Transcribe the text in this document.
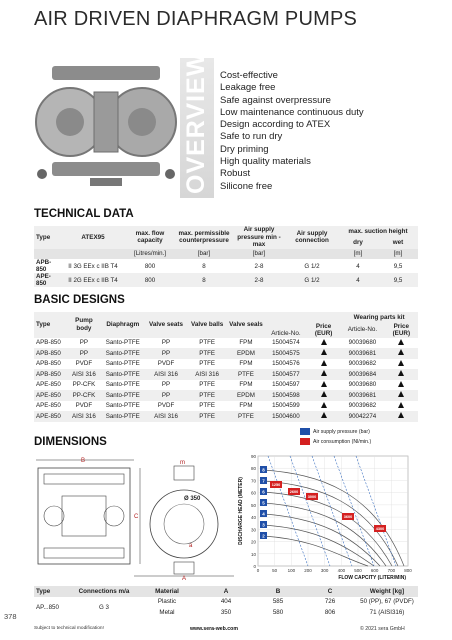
AIR DRIVEN DIAPHRAGM PUMPS
OVERVIEW Cost-effective
Leakage free
Safe against overpressure
Low maintenance continuous duty
Design according to ATEX
Safe to run dry
Dry priming
High quality materials
Robust
Silicone free
TECHNICAL DATA
Type	ATEX95	max. flow capacity	max. permissible counterpressure	Air supply pressure min - max	Air supply connection	max. suction height	
						dry	wet
		[Litres/min.]	[bar]	[bar]		[m]	[m]
APB-850	II 3G EEx c IIB T4	800	8	2-8	G 1/2	4	9,5
APE-850	II 2G EEx c IIB T4	800	8	2-8	G 1/2	4	9,5
BASIC DESIGNS
Type	Pump body	Diaphragm	Valve seats	Valve balls	Valve seals	Article-No.	Price (EUR)	Wearing parts kit	
								Article-No.	Price (EUR)
APB-850	PP	Santo-PTFE	PP	PTFE	FPM	15004574		90039680	
APB-850	PP	Santo-PTFE	PP	PTFE	EPDM	15004575		90039681	
APB-850	PVDF	Santo-PTFE	PVDF	PTFE	FPM	15004576		90039682	
APB-850	AISI 316	Santo-PTFE	AISI 316	AISI 316	PTFE	15004577		90039684	
APE-850	PP-CFK	Santo-PTFE	PP	PTFE	FPM	15004597		90039680	
APE-850	PP-CFK	Santo-PTFE	PP	PTFE	EPDM	15004598		90039681	
APE-850	PVDF	Santo-PTFE	PVDF	PTFE	FPM	15004599		90039682	
APE-850	AISI 316	Santo-PTFE	AISI 316	PTFE	PTFE	15004600		90042274	
DIMENSIONS
B
C
m
a
Ø 350
A
Air supply pressure (bar)
Air consumption (Nl/min.)
0
10
20
30
40
50
60
70
80
90
0	50 100 200 300 400 500 600 700 800
FLOW CAPCITY (LITER/MIN)
DISCHARGE HEAD (METER)
8
7
6
5
4
3
2
1250
2600
3000
3600
4300
Type	Connections m/a	Material	A	B	C	Weight [kg]
AP...850	G 3	Plastic	404	585	726	50 (PP), 67 (PVDF)
		Metal	350	580	806	71 (AISI316)
378
Subject to technical modification!	www.sera-web.com	© 2021 sera GmbH
